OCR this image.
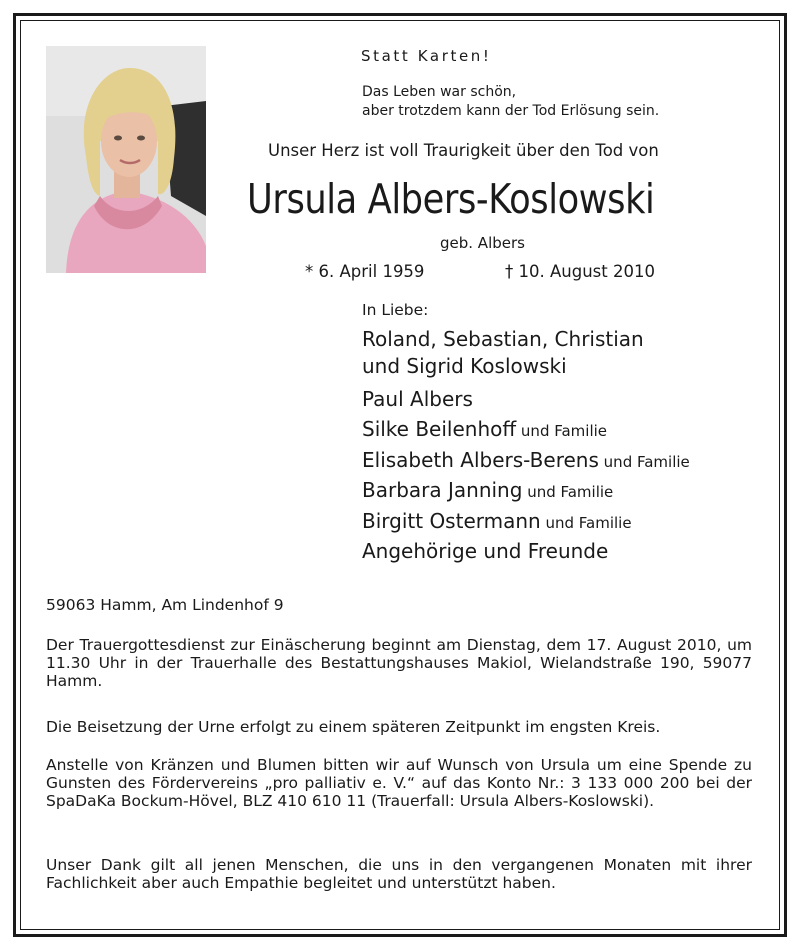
Statt Karten!
Das Leben war schön,
aber trotzdem kann der Tod Erlösung sein.
Unser Herz ist voll Traurigkeit über den Tod von
Ursula Albers-Koslowski
geb. Albers
* 6. April 1959	† 10. August 2010
In Liebe:
Roland, Sebastian, Christian
und Sigrid Koslowski
Paul Albers
Silke Beilenhoff und Familie
Elisabeth Albers-Berens und Familie
Barbara Janning und Familie
Birgitt Ostermann und Familie
Angehörige und Freunde
59063 Hamm, Am Lindenhof 9
Der Trauergottesdienst zur Einäscherung beginnt am Dienstag, dem 17. August 2010, um 11.30 Uhr in der Trauerhalle des Bestattungshauses Makiol, Wielandstraße 190, 59077 Hamm.
Die Beisetzung der Urne erfolgt zu einem späteren Zeitpunkt im engsten Kreis.
Anstelle von Kränzen und Blumen bitten wir auf Wunsch von Ursula um eine Spende zu Gunsten des Fördervereins „pro palliativ e. V.“ auf das Konto Nr.: 3 133 000 200 bei der SpaDaKa Bockum-Hövel, BLZ 410 610 11 (Trauerfall: Ursula Albers-Koslowski).
Unser Dank gilt all jenen Menschen, die uns in den vergangenen Monaten mit ihrer Fachlichkeit aber auch Empathie begleitet und unterstützt haben.
